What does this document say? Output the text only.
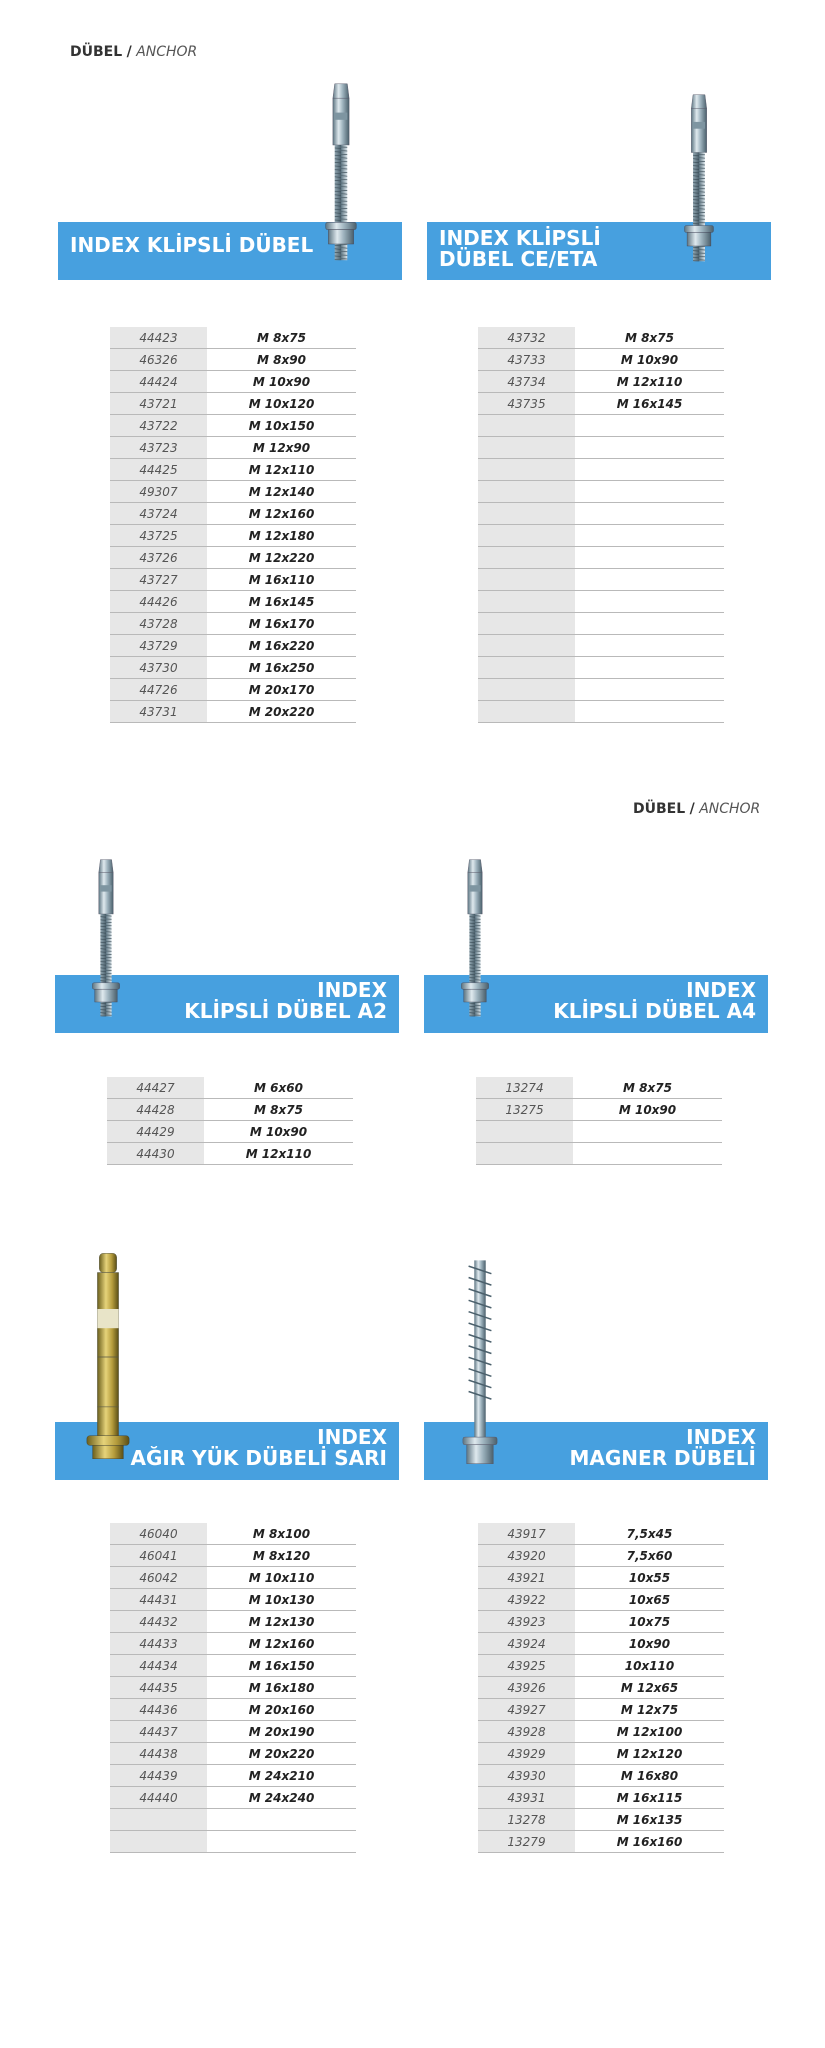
DÜBEL / ANCHOR
DÜBEL / ANCHOR
INDEX KLİPSLİ DÜBEL
44423	M 8x75
46326	M 8x90
44424	M 10x90
43721	M 10x120
43722	M 10x150
43723	M 12x90
44425	M 12x110
49307	M 12x140
43724	M 12x160
43725	M 12x180
43726	M 12x220
43727	M 16x110
44426	M 16x145
43728	M 16x170
43729	M 16x220
43730	M 16x250
44726	M 20x170
43731	M 20x220
INDEX KLİPSLİ
DÜBEL CE/ETA
43732	M 8x75
43733	M 10x90
43734	M 12x110
43735	M 16x145

INDEX
KLİPSLİ DÜBEL A2
44427	M 6x60
44428	M 8x75
44429	M 10x90
44430	M 12x110
INDEX
KLİPSLİ DÜBEL A4
13274	M 8x75
13275	M 10x90

INDEX
AĞIR YÜK DÜBELİ SARI
46040	M 8x100
46041	M 8x120
46042	M 10x110
44431	M 10x130
44432	M 12x130
44433	M 12x160
44434	M 16x150
44435	M 16x180
44436	M 20x160
44437	M 20x190
44438	M 20x220
44439	M 24x210
44440	M 24x240

INDEX
MAGNER DÜBELİ
43917	7,5x45
43920	7,5x60
43921	10x55
43922	10x65
43923	10x75
43924	10x90
43925	10x110
43926	M 12x65
43927	M 12x75
43928	M 12x100
43929	M 12x120
43930	M 16x80
43931	M 16x115
13278	M 16x135
13279	M 16x160
